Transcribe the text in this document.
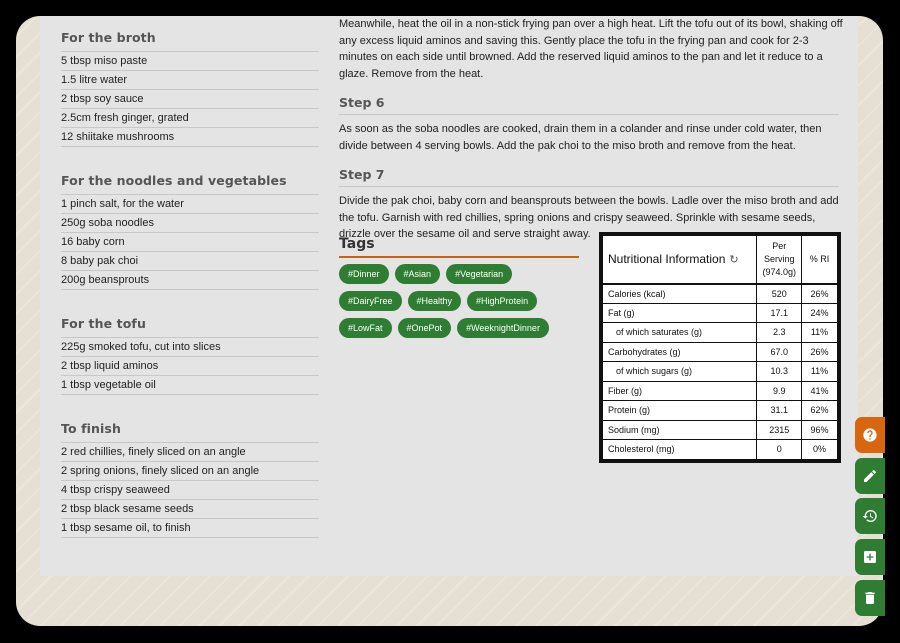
For the broth
5 tbsp miso paste
1.5 litre water
2 tbsp soy sauce
2.5cm fresh ginger, grated
12 shiitake mushrooms
For the noodles and vegetables
1 pinch salt, for the water
250g soba noodles
16 baby corn
8 baby pak choi
200g beansprouts
For the tofu
225g smoked tofu, cut into slices
2 tbsp liquid aminos
1 tbsp vegetable oil
To finish
2 red chillies, finely sliced on an angle
2 spring onions, finely sliced on an angle
4 tbsp crispy seaweed
2 tbsp black sesame seeds
1 tbsp sesame oil, to finish

Meanwhile, heat the oil in a non-stick frying pan over a high heat. Lift the tofu out of its bowl, shaking off any excess liquid aminos and saving this. Gently place the tofu in the frying pan and cook for 2-3 minutes on each side until browned. Add the reserved liquid aminos to the pan and let it reduce to a glaze. Remove from the heat.

Step 6

As soon as the soba noodles are cooked, drain them in a colander and rinse under cold water, then divide between 4 serving bowls. Add the pak choi to the miso broth and remove from the heat.

Step 7

Divide the pak choi, baby corn and beansprouts between the bowls. Ladle over the miso broth and add the tofu. Garnish with red chillies, spring onions and crispy seaweed. Sprinkle with sesame seeds, drizzle over the sesame oil and serve straight away.

Tags
#Dinner	#Asian	#Vegetarian
#DairyFree	#Healthy	#HighProtein
#LowFat	#OnePot	#WeeknightDinner
Nutritional Information ↻	Per
Serving
(974.0g)	% RI
Calories (kcal)	520	26%
Fat (g)	17.1	24%
of which saturates (g)	2.3	11%
Carbohydrates (g)	67.0	26%
of which sugars (g)	10.3	11%
Fiber (g)	9.9	41%
Protein (g)	31.1	62%
Sodium (mg)	2315	96%
Cholesterol (mg)	0	0%
